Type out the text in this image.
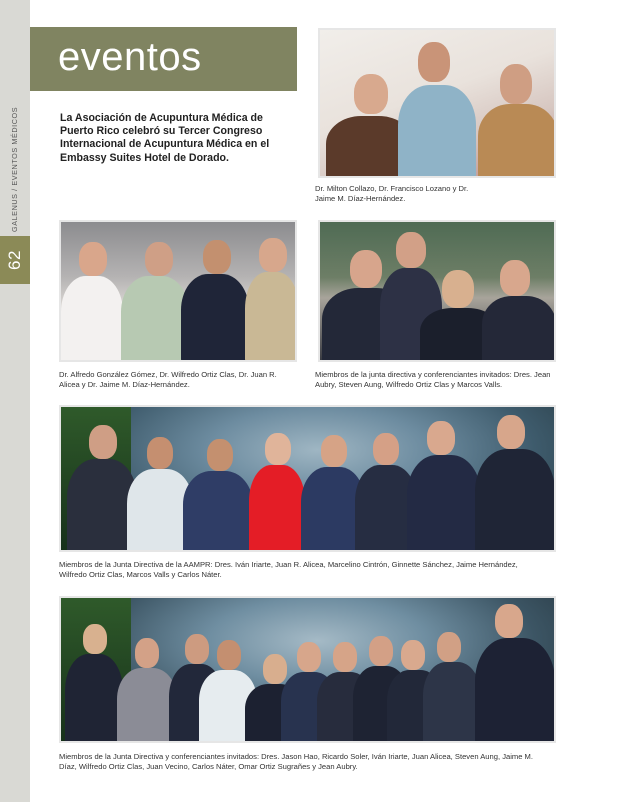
GALENUS / EVENTOS MÉDICOS
62
eventos
La Asociación de Acupuntura Médica de Puerto Rico celebró su Tercer Congreso Internacional de Acupuntura Médica en el Embassy Suites Hotel de Dorado.
Dr. Milton Collazo, Dr. Francisco Lozano y Dr. Jaime M. Díaz-Hernández.
Dr. Alfredo González Gómez, Dr. Wilfredo Ortiz Clas, Dr. Juan R. Alicea y Dr. Jaime M. Díaz-Hernández.
Miembros de la junta directiva y conferenciantes invitados: Dres. Jean Aubry, Steven Aung, Wilfredo Ortiz Clas y Marcos Valls.
Miembros de la Junta Directiva de la AAMPR: Dres. Iván Iriarte, Juan R. Alicea, Marcelino Cintrón, Ginnette Sánchez, Jaime Hernández, Wilfredo Ortiz Clas, Marcos Valls y Carlos Náter.
Miembros de la Junta Directiva y conferenciantes invitados: Dres. Jason Hao, Ricardo Soler, Iván Iriarte, Juan Alicea, Steven Aung, Jaime M. Díaz, Wilfredo Ortiz Clas, Juan Vecino, Carlos Náter, Omar Ortiz Sugrañes y Jean Aubry.
